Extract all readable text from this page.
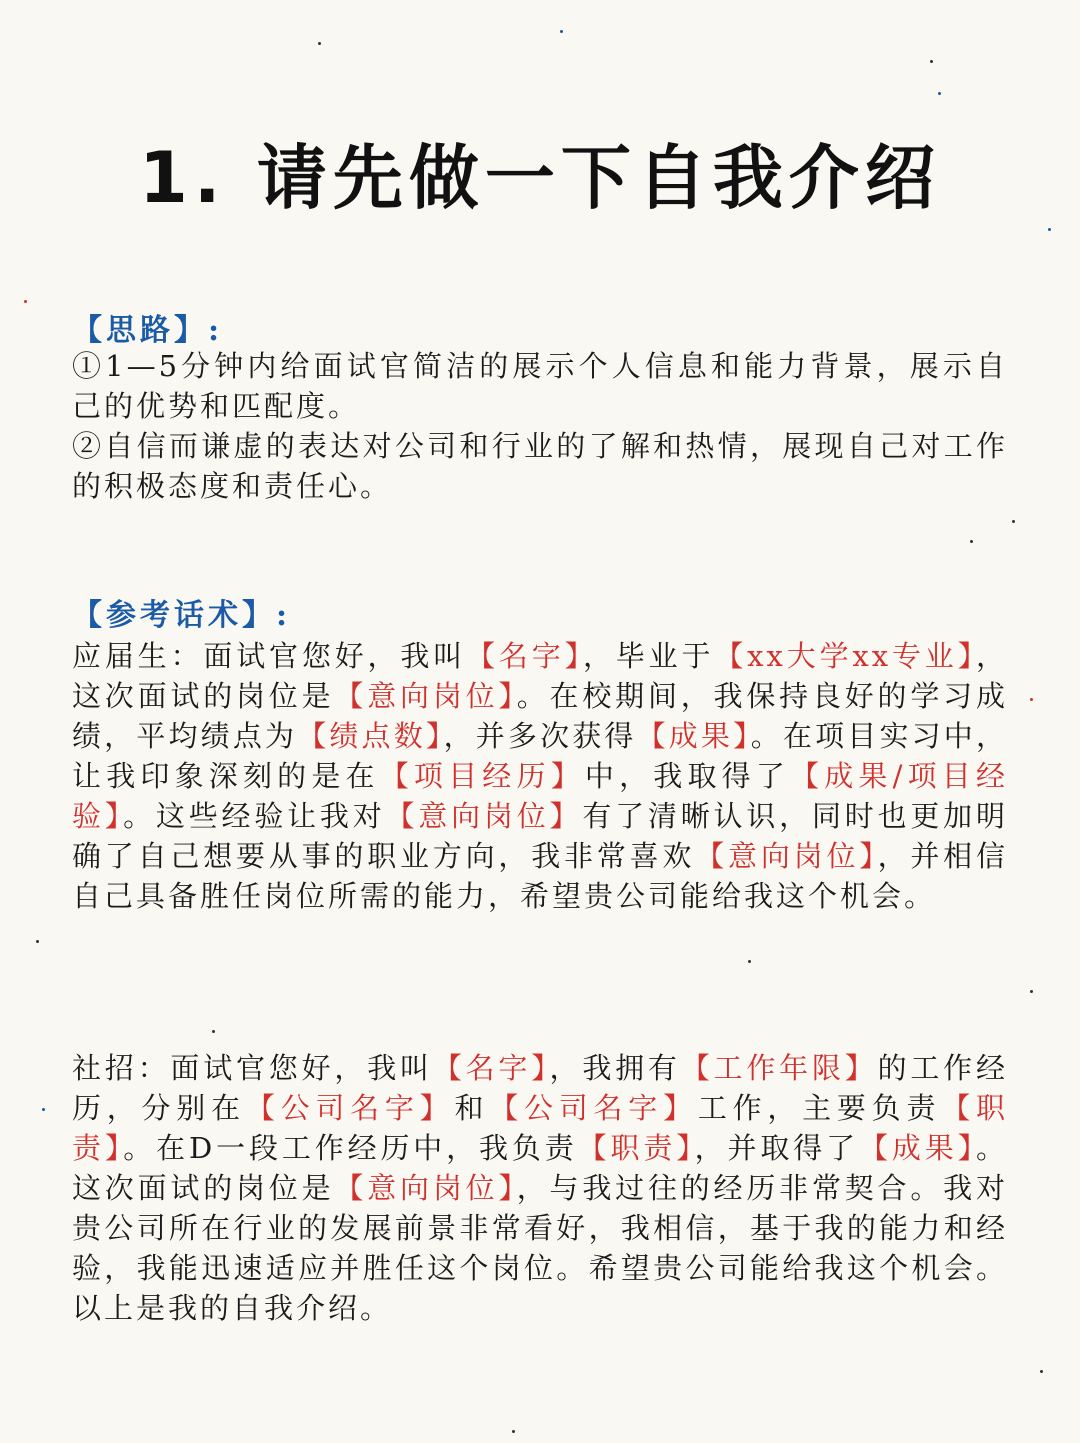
1. 请先做一下自我介绍
【思路】:
①1—5分钟内给面试官简洁的展示个人信息和能力背景，展示自己的优势和匹配度。
②自信而谦虚的表达对公司和行业的了解和热情，展现自己对工作的积极态度和责任心。
【参考话术】:
应届生：面试官您好，我叫【名字】，毕业于【xx大学xx专业】，这次面试的岗位是【意向岗位】。在校期间，我保持良好的学习成绩，平均绩点为【绩点数】，并多次获得【成果】。在项目实习中，让我印象深刻的是在【项目经历】中，我取得了【成果/项目经验】。这些经验让我对【意向岗位】有了清晰认识，同时也更加明确了自己想要从事的职业方向，我非常喜欢【意向岗位】，并相信自己具备胜任岗位所需的能力，希望贵公司能给我这个机会。
社招：面试官您好，我叫【名字】，我拥有【工作年限】的工作经历，分别在【公司名字】和【公司名字】工作，主要负责【职责】。在D一段工作经历中，我负责【职责】，并取得了【成果】。这次面试的岗位是【意向岗位】，与我过往的经历非常契合。我对贵公司所在行业的发展前景非常看好，我相信，基于我的能力和经验，我能迅速适应并胜任这个岗位。希望贵公司能给我这个机会。以上是我的自我介绍。
